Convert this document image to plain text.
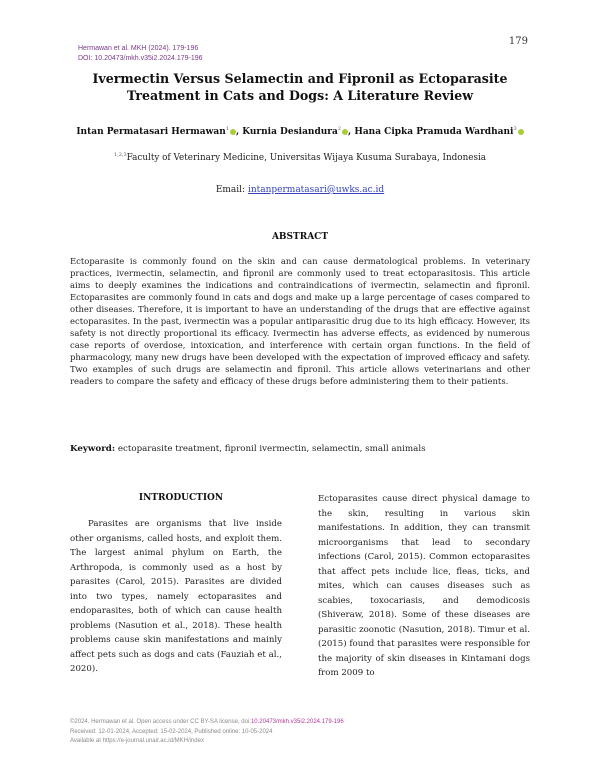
Hermawan et al. MKH (2024). 179-196
DOI: 10.20473/mkh.v35i2.2024.179-196
179
Ivermectin Versus Selamectin and Fipronil as Ectoparasite Treatment in Cats and Dogs: A Literature Review
Intan Permatasari Hermawan$^1$ , Kurnia Desiandura$^2$ , Hana Cipka Pramuda Wardhani$^3$
$^{1,2,3}$Faculty of Veterinary Medicine, Universitas Wijaya Kusuma Surabaya, Indonesia
Email: intanpermatasari@uwks.ac.id
ABSTRACT
Ectoparasite is commonly found on the skin and can cause dermatological problems. In veterinary practices, ivermectin, selamectin, and fipronil are commonly used to treat ectoparasitosis. This article aims to deeply examines the indications and contraindications of ivermectin, selamectin and fipronil. Ectoparasites are commonly found in cats and dogs and make up a large percentage of cases compared to other diseases. Therefore, it is important to have an understanding of the drugs that are effective against ectoparasites. In the past, ivermectin was a popular antiparasitic drug due to its high efficacy. However, its safety is not directly proportional its efficacy. Ivermectin has adverse effects, as evidenced by numerous case reports of overdose, intoxication, and interference with certain organ functions. In the field of pharmacology, many new drugs have been developed with the expectation of improved efficacy and safety. Two examples of such drugs are selamectin and fipronil. This article allows veterinarians and other readers to compare the safety and efficacy of these drugs before administering them to their patients.
Keyword: ectoparasite treatment, fipronil ivermectin, selamectin, small animals
INTRODUCTION
Parasites are organisms that live inside other organisms, called hosts, and exploit them. The largest animal phylum on Earth, the Arthropoda, is commonly used as a host by parasites (Carol, 2015). Parasites are divided into two types, namely ectoparasites and endoparasites, both of which can cause health problems (Nasution et al., 2018). These health problems cause skin manifestations and mainly affect pets such as dogs and cats (Fauziah et al., 2020).
Ectoparasites cause direct physical damage to the skin, resulting in various skin manifestations. In addition, they can transmit microorganisms that lead to secondary infections (Carol, 2015). Common ectoparasites that affect pets include lice, fleas, ticks, and mites, which can causes diseases such as scabies, toxocariasis, and demodicosis (Shiveraw, 2018). Some of these diseases are parasitic zoonotic (Nasution, 2018). Timur et al. (2015) found that parasites were responsible for the majority of skin diseases in Kintamani dogs from 2009 to
©2024. Hermawan et al. Open access under CC BY-SA license, doi:10.20473/mkh.v35i2.2024.179-196
Received: 12-01-2024, Accepted: 15-02-2024, Published online: 10-05-2024
Available at https://e-journal.unair.ac.id/MKH/index
